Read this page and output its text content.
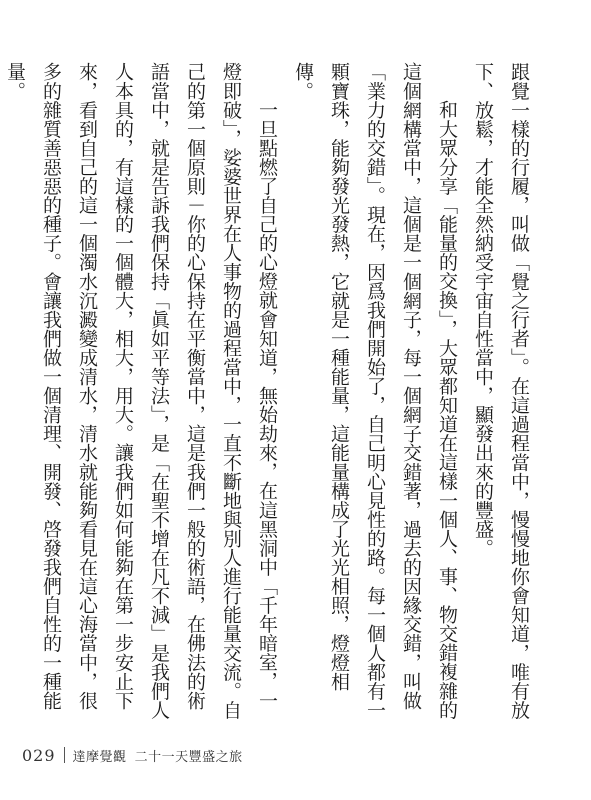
跟覺一樣的行履，叫做「覺之行者」。在這過程當中，慢慢地你會知道，唯有放下、放鬆，才能全然納受宇宙自性當中，顯發出來的豐盛。

和大眾分享「能量的交換」，大眾都知道在這樣一個人、事、物交錯複雜的這個網構當中，這個是一個網子，每一個網子交錯著，過去的因緣交錯，叫做「業力的交錯」。現在，因爲我們開始了，自己明心見性的路。每一個人都有一顆寶珠，能夠發光發熱，它就是一種能量，這能量構成了光光相照，燈燈相傳。

一旦點燃了自己的心燈就會知道，無始劫來，在這黑洞中「千年暗室，一燈即破」，娑婆世界在人事物的過程當中，一直不斷地與別人進行能量交流。自己的第一個原則－你的心保持在平衡當中，這是我們一般的術語，在佛法的術語當中，就是告訴我們保持「眞如平等法」，是「在聖不增在凡不減」是我們人人本具的，有這樣的一個體大，相大，用大。讓我們如何能夠在第一步安止下來，看到自己的這一個濁水沉澱變成清水，清水就能夠看見在這心海當中，很多的雜質善惡惡的種子。會讓我們做一個清理、開發、啓發我們自性的一種能量。

029 達摩覺觀 二十一天豐盛之旅
